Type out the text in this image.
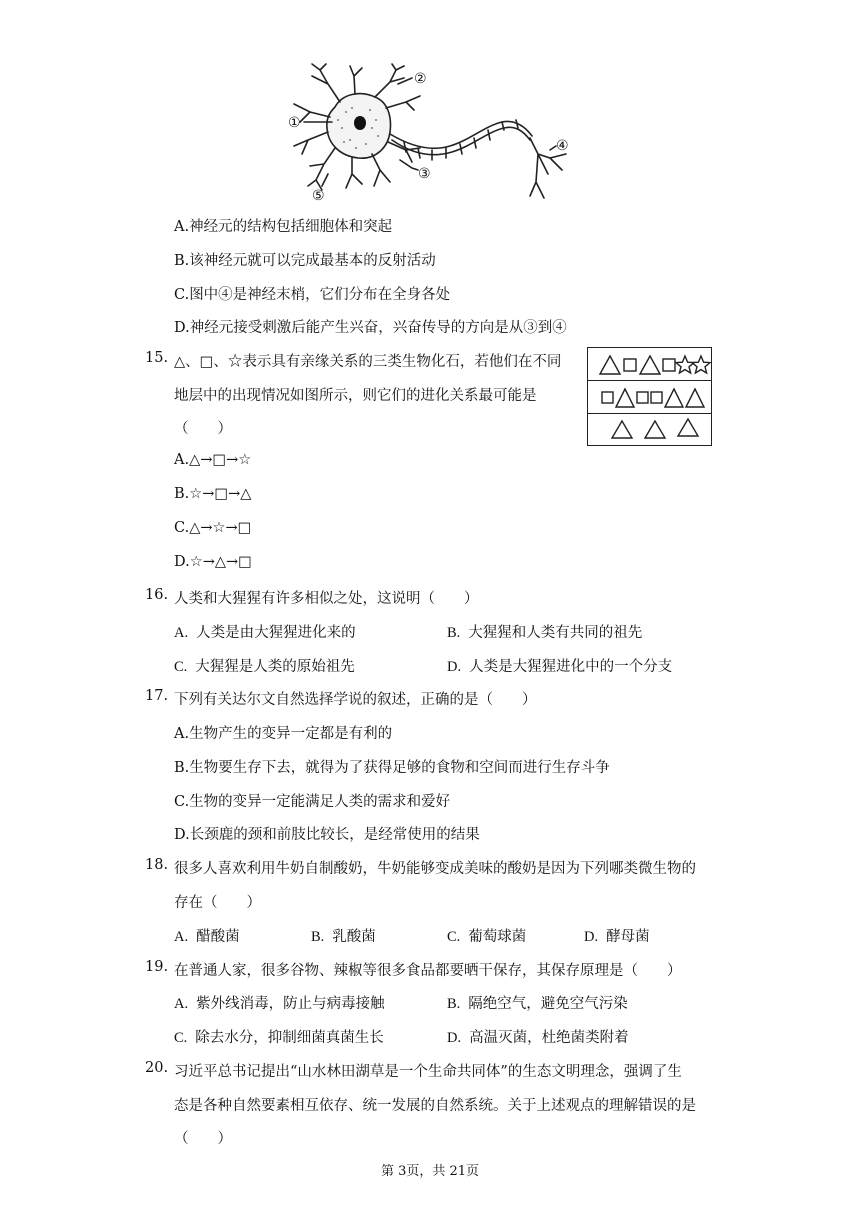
①
②
③
④
⑤
A.神经元的结构包括细胞体和突起
B.该神经元就可以完成最基本的反射活动
C.图中④是神经末梢，它们分布在全身各处
D.神经元接受刺激后能产生兴奋，兴奋传导的方向是从③到④
15. △、□、☆表示具有亲缘关系的三类生物化石，若他们在不同
地层中的出现情况如图所示，则它们的进化关系最可能是
（　　）
A.△→□→☆
B.☆→□→△
C.△→☆→□
D.☆→△→□
16. 人类和大猩猩有许多相似之处，这说明（　　）
A. 人类是由大猩猩进化来的	B. 大猩猩和人类有共同的祖先
C. 大猩猩是人类的原始祖先	D. 人类是大猩猩进化中的一个分支
17. 下列有关达尔文自然选择学说的叙述，正确的是（　　）
A.生物产生的变异一定都是有利的
B.生物要生存下去，就得为了获得足够的食物和空间而进行生存斗争
C.生物的变异一定能满足人类的需求和爱好
D.长颈鹿的颈和前肢比较长，是经常使用的结果
18. 很多人喜欢利用牛奶自制酸奶，牛奶能够变成美味的酸奶是因为下列哪类微生物的
存在（　　）
A. 醋酸菌	B. 乳酸菌	C. 葡萄球菌	D. 酵母菌
19. 在普通人家，很多谷物、辣椒等很多食品都要晒干保存，其保存原理是（　　）
A. 紫外线消毒，防止与病毒接触	B. 隔绝空气，避免空气污染
C. 除去水分，抑制细菌真菌生长	D. 高温灭菌，杜绝菌类附着
20. 习近平总书记提出“山水林田湖草是一个生命共同体”的生态文明理念，强调了生
态是各种自然要素相互依存、统一发展的自然系统。关于上述观点的理解错误的是
（　　）
第 3页，共 21页
